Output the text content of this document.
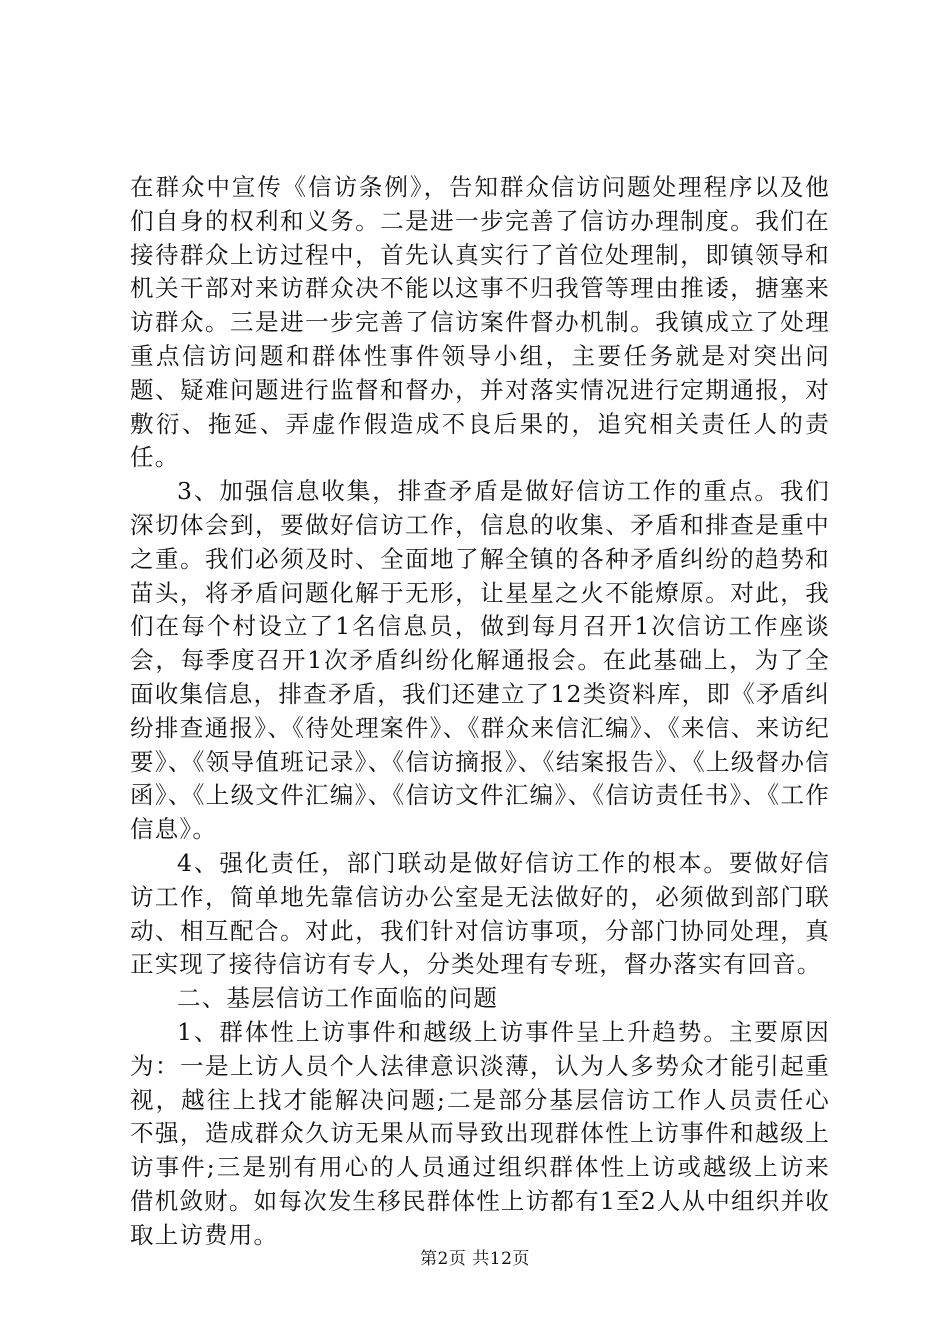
在群众中宣传《信访条例》，告知群众信访问题处理程序以及他们自身的权利和义务。二是进一步完善了信访办理制度。我们在接待群众上访过程中，首先认真实行了首位处理制，即镇领导和机关干部对来访群众决不能以这事不归我管等理由推诿，搪塞来访群众。三是进一步完善了信访案件督办机制。我镇成立了处理重点信访问题和群体性事件领导小组，主要任务就是对突出问题、疑难问题进行监督和督办，并对落实情况进行定期通报，对敷衍、拖延、弄虚作假造成不良后果的，追究相关责任人的责任。

3、加强信息收集，排查矛盾是做好信访工作的重点。我们深切体会到，要做好信访工作，信息的收集、矛盾和排查是重中之重。我们必须及时、全面地了解全镇的各种矛盾纠纷的趋势和苗头，将矛盾问题化解于无形，让星星之火不能燎原。对此，我们在每个村设立了1名信息员，做到每月召开1次信访工作座谈会，每季度召开1次矛盾纠纷化解通报会。在此基础上，为了全面收集信息，排查矛盾，我们还建立了12类资料库，即《矛盾纠纷排查通报》、《待处理案件》、《群众来信汇编》、《来信、来访纪要》、《领导值班记录》、《信访摘报》、《结案报告》、《上级督办信函》、《上级文件汇编》、《信访文件汇编》、《信访责任书》、《工作信息》。

4、强化责任，部门联动是做好信访工作的根本。要做好信访工作，简单地先靠信访办公室是无法做好的，必须做到部门联动、相互配合。对此，我们针对信访事项，分部门协同处理，真正实现了接待信访有专人，分类处理有专班，督办落实有回音。

二、基层信访工作面临的问题

1、群体性上访事件和越级上访事件呈上升趋势。主要原因为：一是上访人员个人法律意识淡薄，认为人多势众才能引起重视，越往上找才能解决问题;二是部分基层信访工作人员责任心不强，造成群众久访无果从而导致出现群体性上访事件和越级上访事件;三是别有用心的人员通过组织群体性上访或越级上访来借机敛财。如每次发生移民群体性上访都有1至2人从中组织并收取上访费用。

第2页 共12页
